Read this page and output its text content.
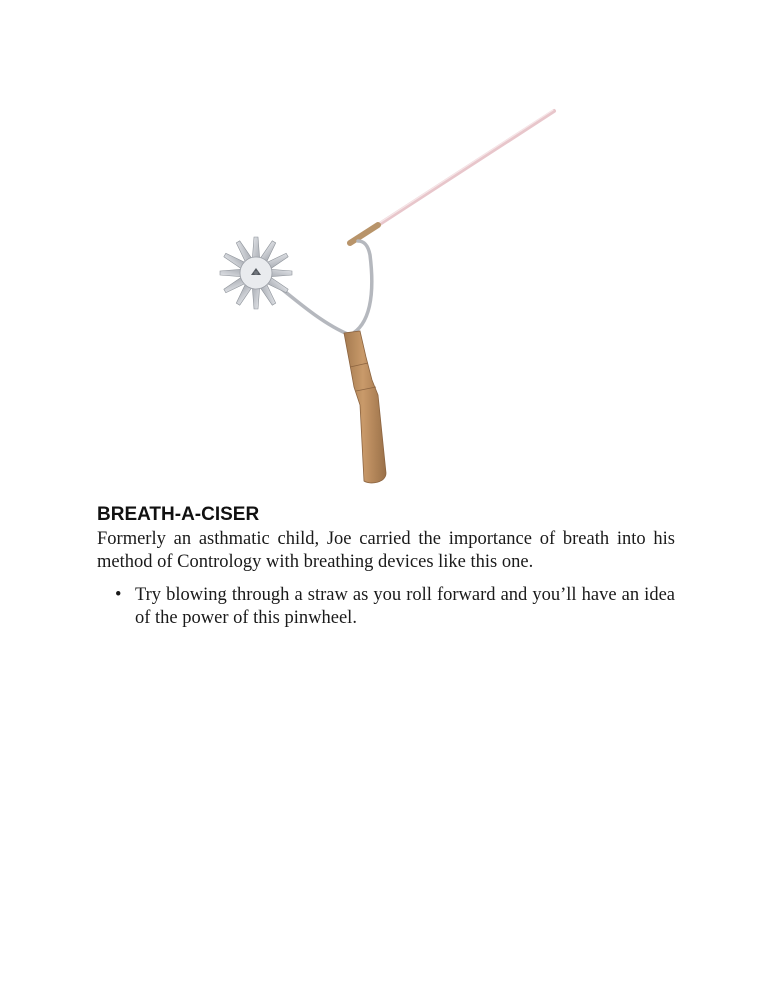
BREATH-A-CISER

Formerly an asthmatic child, Joe carried the importance of breath into his method of Contrology with breathing devices like this one.

• Try blowing through a straw as you roll forward and you’ll have an idea of the power of this pinwheel.
